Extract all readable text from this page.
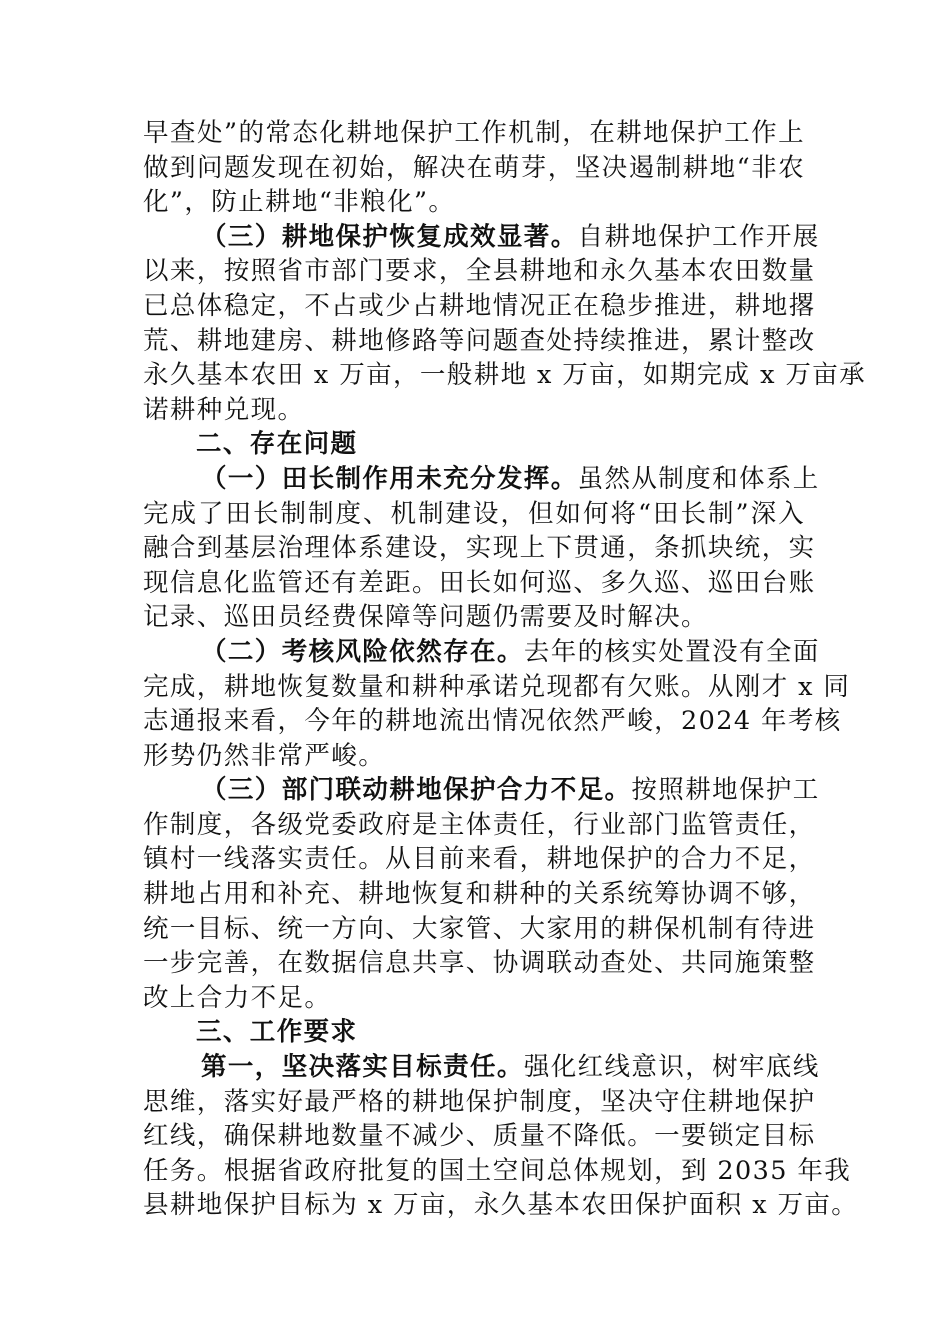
早查处”的常态化耕地保护工作机制，在耕地保护工作上
做到问题发现在初始，解决在萌芽，坚决遏制耕地“非农
化”，防止耕地“非粮化”。

（三）耕地保护恢复成效显著。自耕地保护工作开展
以来，按照省市部门要求，全县耕地和永久基本农田数量
已总体稳定，不占或少占耕地情况正在稳步推进，耕地撂
荒、耕地建房、耕地修路等问题查处持续推进，累计整改
永久基本农田 x 万亩，一般耕地 x 万亩，如期完成 x 万亩承
诺耕种兑现。

二、存在问题

（一）田长制作用未充分发挥。虽然从制度和体系上
完成了田长制制度、机制建设，但如何将“田长制”深入
融合到基层治理体系建设，实现上下贯通，条抓块统，实
现信息化监管还有差距。田长如何巡、多久巡、巡田台账
记录、巡田员经费保障等问题仍需要及时解决。

（二）考核风险依然存在。去年的核实处置没有全面
完成，耕地恢复数量和耕种承诺兑现都有欠账。从刚才 x 同
志通报来看，今年的耕地流出情况依然严峻，2024 年考核
形势仍然非常严峻。

（三）部门联动耕地保护合力不足。按照耕地保护工
作制度，各级党委政府是主体责任，行业部门监管责任，
镇村一线落实责任。从目前来看，耕地保护的合力不足，
耕地占用和补充、耕地恢复和耕种的关系统筹协调不够，
统一目标、统一方向、大家管、大家用的耕保机制有待进
一步完善，在数据信息共享、协调联动查处、共同施策整
改上合力不足。

三、工作要求

第一，坚决落实目标责任。强化红线意识，树牢底线
思维，落实好最严格的耕地保护制度，坚决守住耕地保护
红线，确保耕地数量不减少、质量不降低。一要锁定目标
任务。根据省政府批复的国土空间总体规划，到 2035 年我
县耕地保护目标为 x 万亩，永久基本农田保护面积 x 万亩。
